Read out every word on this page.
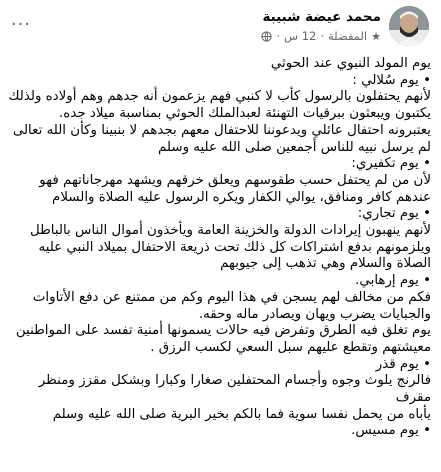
···	محمد عيضة شبيبة
★
المفضلة
·
12 س
·

يوم المولد النبوي عند الحوثي

• يوم سُلالي :

لأنهم يحتفلون بالرسول كأب لا كنبي فهم يزعمون أنه جدهم وهم أولاده ولذلك

يكتبون ويبعثون ببرقيات التهنئة لعبدالملك الحوثي بمناسبة ميلاد جده.

يعتبرونه احتفال عائلي ويدعوننا للاحتفال معهم بجدهم لا بنبينا وكأن الله تعالى

لم يرسل نبيه للناس أجمعين صلى الله عليه وسلم

• يوم تكفيري:

لأن من لم يحتفل حسب طقوسهم ويعلق خرقهم ويشهد مهرجاناتهم فهو

عندهم كافر ومنافق، يوالي الكفار ويكره الرسول عليه الصلاة والسلام

• يوم تجاري:

لأنهم ينهبون إيرادات الدولة والخزينة العامة ويأخذون أموال الناس بالباطل

ويلزمونهم بدفع اشتراكات كل ذلك تحت ذريعة الاحتفال بميلاد النبي عليه

الصلاة والسلام وهي تذهب إلى جيوبهم

• يوم إرهابي.

فكم من مخالف لهم يسجن في هذا اليوم وكم من ممتنع عن دفع الأتاوات

والجبايات يضرب ويهان ويصادر ماله وحقه.

يوم تغلق فيه الطرق وتفرض فيه حالات يسمونها أمنية تفسد على المواطنين

معيشتهم وتقطع عليهم سبل السعي لكسب الرزق .

• يوم قذر

فالرنج يلوث وجوه وأجسام المحتفلين صغارا وكبارا وبشكل مقزز ومنظر مقرف

يأباه من يحمل نفسا سوية فما بالكم بخير البرية صلى الله عليه وسلم

• يوم مسيس.
